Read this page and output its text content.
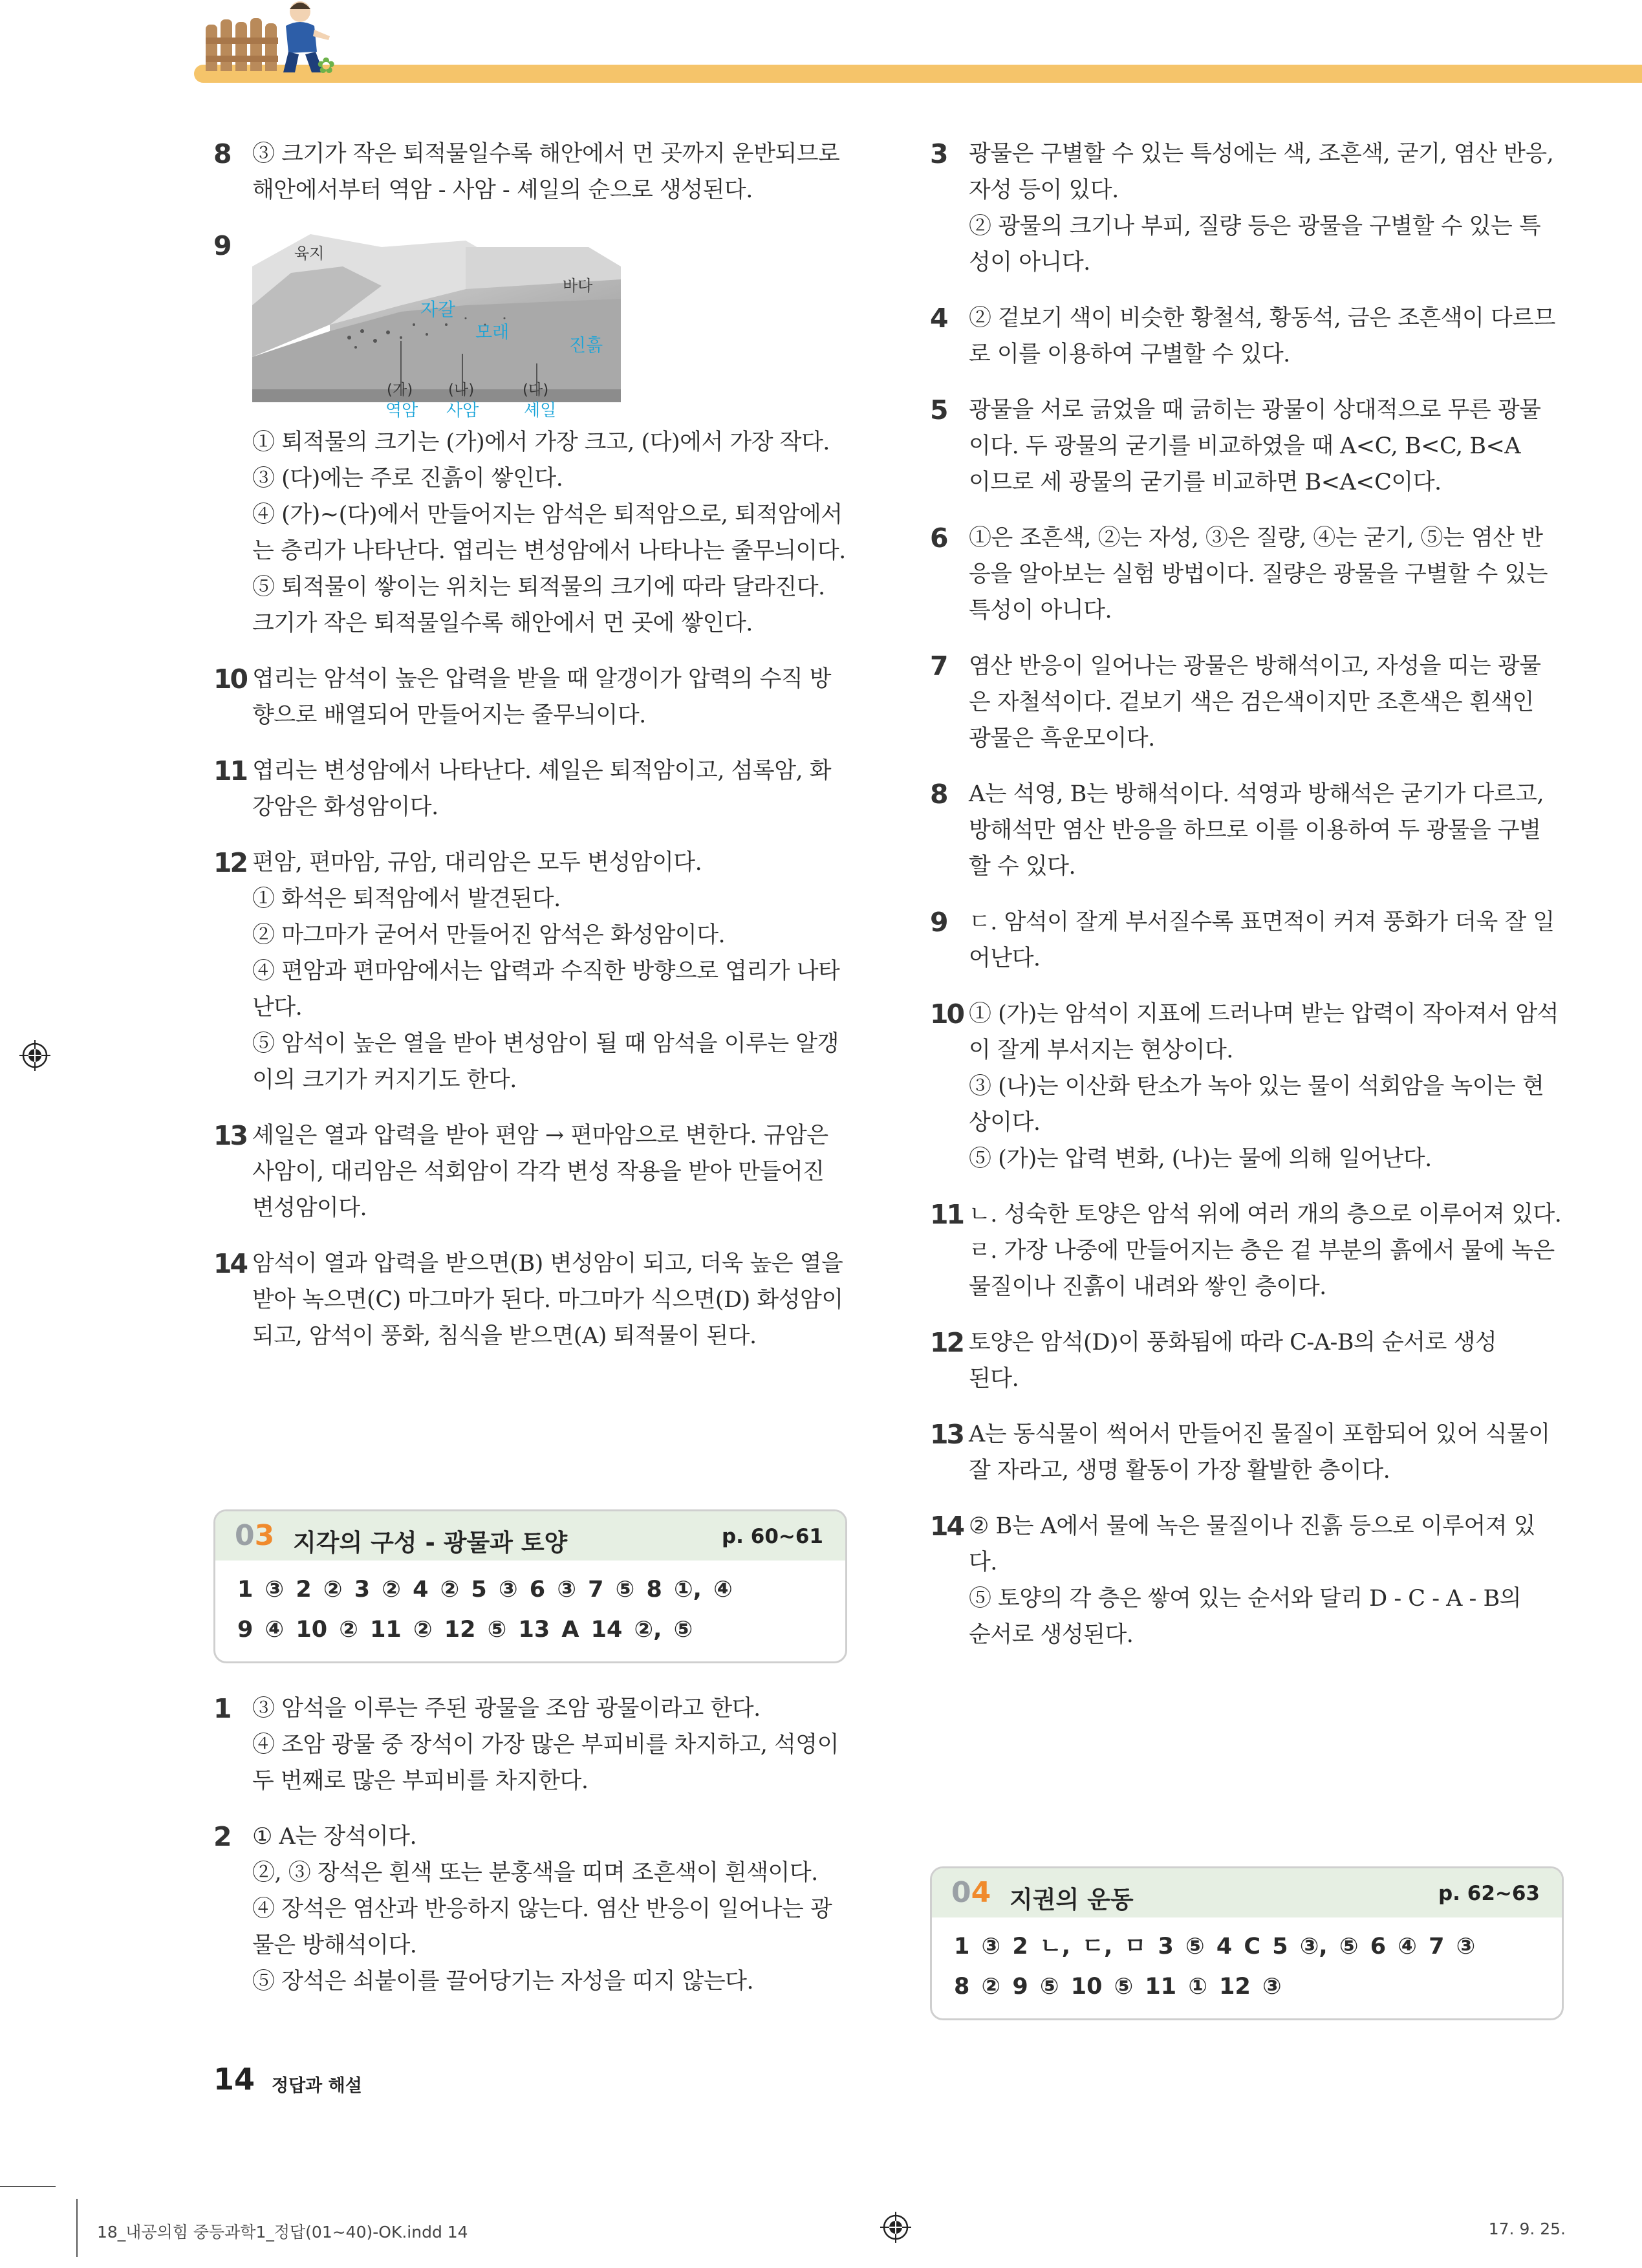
✿
8 ③ 크기가 작은 퇴적물일수록 해안에서 먼 곳까지 운반되므로
해안에서부터 역암 - 사암 - 셰일의 순으로 생성된다.
9	육지
바다
자갈
모래
진흙
(가) (나)	(다)
역암 사암	셰일
① 퇴적물의 크기는 (가)에서 가장 크고, (다)에서 가장 작다.
③ (다)에는 주로 진흙이 쌓인다.
④ (가)~(다)에서 만들어지는 암석은 퇴적암으로, 퇴적암에서
는 층리가 나타난다. 엽리는 변성암에서 나타나는 줄무늬이다.
⑤ 퇴적물이 쌓이는 위치는 퇴적물의 크기에 따라 달라진다.
크기가 작은 퇴적물일수록 해안에서 먼 곳에 쌓인다.
10 엽리는 암석이 높은 압력을 받을 때 알갱이가 압력의 수직 방
향으로 배열되어 만들어지는 줄무늬이다.
11 엽리는 변성암에서 나타난다. 셰일은 퇴적암이고, 섬록암, 화
강암은 화성암이다.
12 편암, 편마암, 규암, 대리암은 모두 변성암이다.
① 화석은 퇴적암에서 발견된다.
② 마그마가 굳어서 만들어진 암석은 화성암이다.
④ 편암과 편마암에서는 압력과 수직한 방향으로 엽리가 나타
난다.
⑤ 암석이 높은 열을 받아 변성암이 될 때 암석을 이루는 알갱
이의 크기가 커지기도 한다.
13 셰일은 열과 압력을 받아 편암 → 편마암으로 변한다. 규암은
사암이, 대리암은 석회암이 각각 변성 작용을 받아 만들어진
변성암이다.
14 암석이 열과 압력을 받으면(B) 변성암이 되고, 더욱 높은 열을
받아 녹으면(C) 마그마가 된다. 마그마가 식으면(D) 화성암이
되고, 암석이 풍화, 침식을 받으면(A) 퇴적물이 된다.
03 지각의 구성 - 광물과 토양	p. 60~61
1 ③ 2 ② 3 ② 4 ② 5 ③ 6 ③ 7 ⑤ 8 ①, ④
9 ④ 10 ② 11 ② 12 ⑤ 13 A 14 ②, ⑤
1 ③ 암석을 이루는 주된 광물을 조암 광물이라고 한다.
④ 조암 광물 중 장석이 가장 많은 부피비를 차지하고, 석영이
두 번째로 많은 부피비를 차지한다.
2 ① A는 장석이다.
②, ③ 장석은 흰색 또는 분홍색을 띠며 조흔색이 흰색이다.
④ 장석은 염산과 반응하지 않는다. 염산 반응이 일어나는 광
물은 방해석이다.
⑤ 장석은 쇠붙이를 끌어당기는 자성을 띠지 않는다.
3 광물은 구별할 수 있는 특성에는 색, 조흔색, 굳기, 염산 반응,
자성 등이 있다.
② 광물의 크기나 부피, 질량 등은 광물을 구별할 수 있는 특
성이 아니다.
4 ② 겉보기 색이 비슷한 황철석, 황동석, 금은 조흔색이 다르므
로 이를 이용하여 구별할 수 있다.
5 광물을 서로 긁었을 때 긁히는 광물이 상대적으로 무른 광물
이다. 두 광물의 굳기를 비교하였을 때 A<C, B<C, B<A
이므로 세 광물의 굳기를 비교하면 B<A<C이다.
6 ①은 조흔색, ②는 자성, ③은 질량, ④는 굳기, ⑤는 염산 반
응을 알아보는 실험 방법이다. 질량은 광물을 구별할 수 있는
특성이 아니다.
7 염산 반응이 일어나는 광물은 방해석이고, 자성을 띠는 광물
은 자철석이다. 겉보기 색은 검은색이지만 조흔색은 흰색인
광물은 흑운모이다.
8 A는 석영, B는 방해석이다. 석영과 방해석은 굳기가 다르고,
방해석만 염산 반응을 하므로 이를 이용하여 두 광물을 구별
할 수 있다.
9 ㄷ. 암석이 잘게 부서질수록 표면적이 커져 풍화가 더욱 잘 일
어난다.
10 ① (가)는 암석이 지표에 드러나며 받는 압력이 작아져서 암석
이 잘게 부서지는 현상이다.
③ (나)는 이산화 탄소가 녹아 있는 물이 석회암을 녹이는 현
상이다.
⑤ (가)는 압력 변화, (나)는 물에 의해 일어난다.
11 ㄴ. 성숙한 토양은 암석 위에 여러 개의 층으로 이루어져 있다.
ㄹ. 가장 나중에 만들어지는 층은 겉 부분의 흙에서 물에 녹은
물질이나 진흙이 내려와 쌓인 층이다.
12 토양은 암석(D)이 풍화됨에 따라 C-A-B의 순서로 생성
된다.
13 A는 동식물이 썩어서 만들어진 물질이 포함되어 있어 식물이
잘 자라고, 생명 활동이 가장 활발한 층이다.
14 ② B는 A에서 물에 녹은 물질이나 진흙 등으로 이루어져 있
다.
⑤ 토양의 각 층은 쌓여 있는 순서와 달리 D - C - A - B의
순서로 생성된다.
04 지권의 운동	p. 62~63
1 ③ 2 ㄴ, ㄷ, ㅁ 3 ⑤ 4 C 5 ③, ⑤ 6 ④ 7 ③
8 ② 9 ⑤ 10 ⑤ 11 ① 12 ③
14 정답과 해설
18_내공의힘 중등과학1_정답(01~40)-OK.indd 14	17. 9. 25.
